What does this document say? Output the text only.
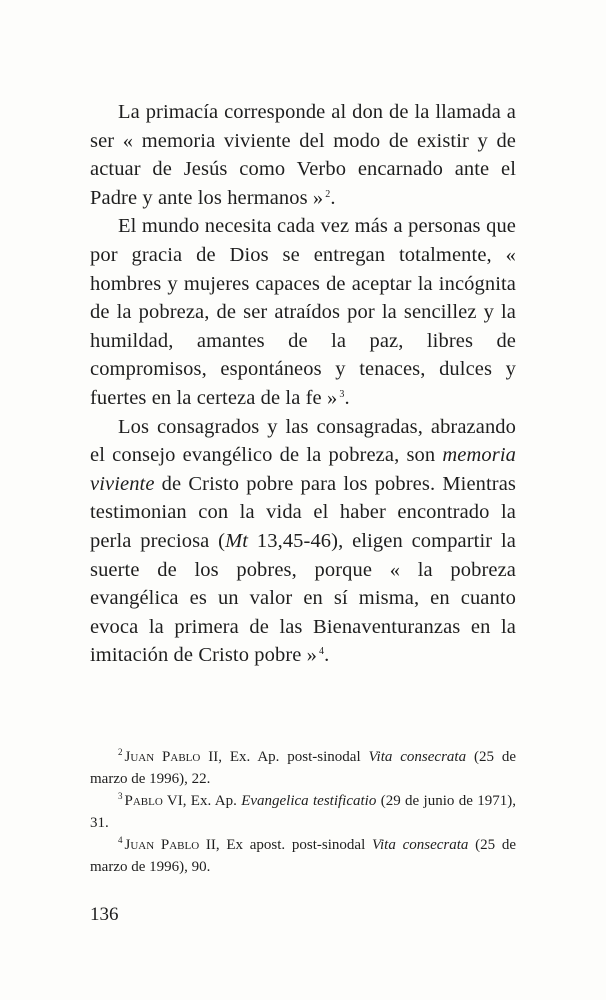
La primacía corresponde al don de la llamada a ser « memoria viviente del modo de existir y de actuar de Jesús como Verbo encarnado ante el Padre y ante los hermanos » $^2$.

El mundo necesita cada vez más a personas que por gracia de Dios se entregan totalmente, « hombres y mujeres capaces de aceptar la incógnita de la pobreza, de ser atraídos por la sencillez y la humildad, amantes de la paz, libres de compromisos, espontáneos y tenaces, dulces y fuertes en la certeza de la fe » $^3$.

Los consagrados y las consagradas, abrazando el consejo evangélico de la pobreza, son memoria viviente de Cristo pobre para los pobres. Mientras testimonian con la vida el haber encontrado la perla preciosa (Mt 13,45-46), eligen compartir la suerte de los pobres, porque « la pobreza evangélica es un valor en sí misma, en cuanto evoca la primera de las Bienaventuranzas en la imitación de Cristo pobre » $^4$.

$^2$ Juan Pablo II, Ex. Ap. post-sinodal Vita consecrata (25 de marzo de 1996), 22.

$^3$ Pablo VI, Ex. Ap. Evangelica testificatio (29 de junio de 1971), 31.

$^4$ Juan Pablo II, Ex apost. post-sinodal Vita consecrata (25 de marzo de 1996), 90.

136
